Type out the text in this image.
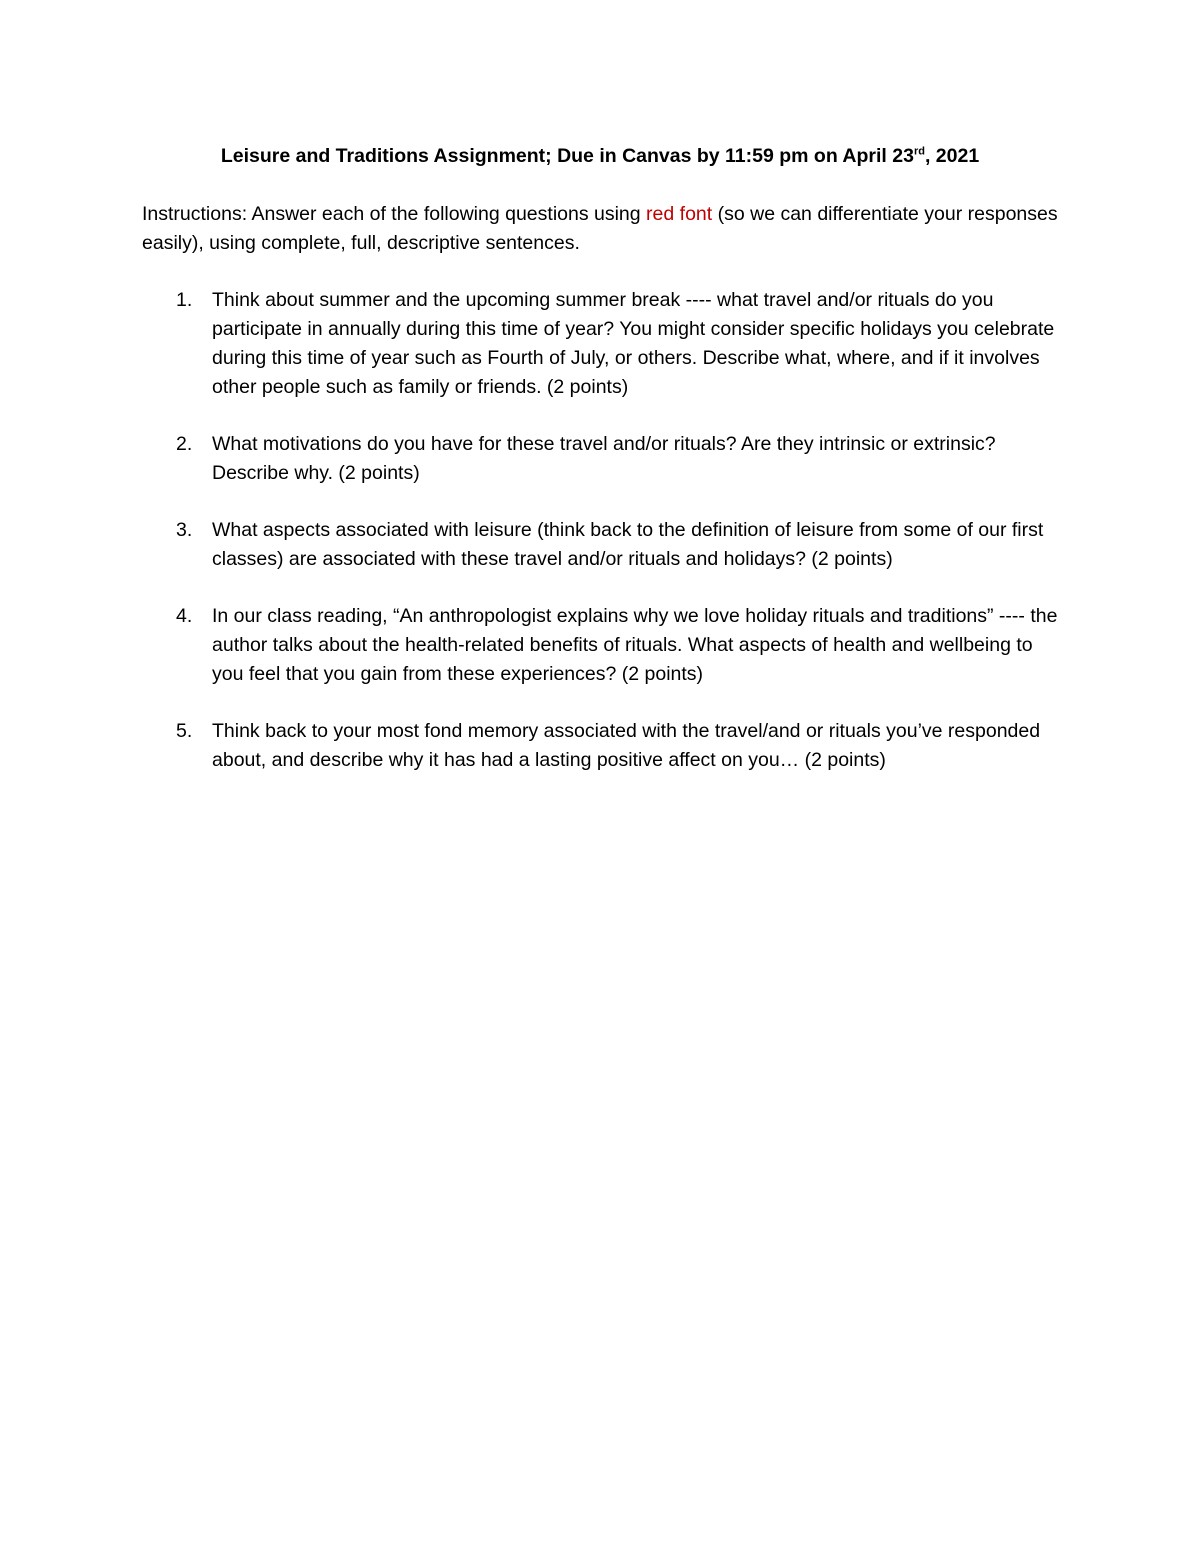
Leisure and Traditions Assignment; Due in Canvas by 11:59 pm on April 23rd, 2021
Instructions: Answer each of the following questions using red font (so we can differentiate your responses easily), using complete, full, descriptive sentences.
1. Think about summer and the upcoming summer break ---- what travel and/or rituals do you participate in annually during this time of year? You might consider specific holidays you celebrate during this time of year such as Fourth of July, or others. Describe what, where, and if it involves other people such as family or friends. (2 points)
2. What motivations do you have for these travel and/or rituals? Are they intrinsic or extrinsic? Describe why. (2 points)
3. What aspects associated with leisure (think back to the definition of leisure from some of our first classes) are associated with these travel and/or rituals and holidays? (2 points)
4. In our class reading, “An anthropologist explains why we love holiday rituals and traditions” ---- the author talks about the health-related benefits of rituals. What aspects of health and wellbeing to you feel that you gain from these experiences? (2 points)
5. Think back to your most fond memory associated with the travel/and or rituals you’ve responded about, and describe why it has had a lasting positive affect on you… (2 points)
